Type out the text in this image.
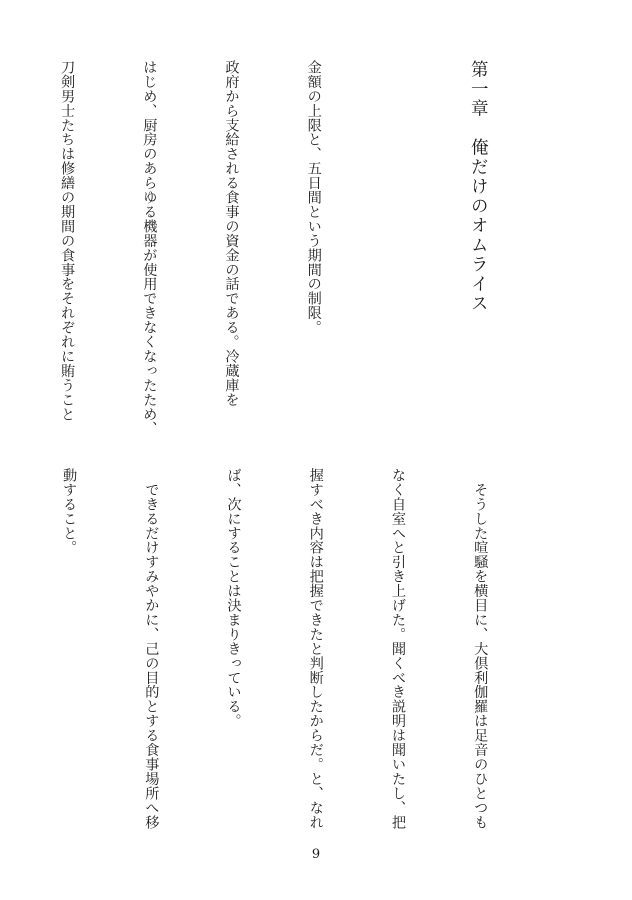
第一章　俺だけのオムライス

金額の上限と、五日間という期間の制限。

政府から支給される食事の資金の話である。冷蔵庫を

はじめ、厨房のあらゆる機器が使用できなくなったため、

刀剣男士たちは修繕の期間の食事をそれぞれに賄うこと

　そうした喧騒を横目に、大倶利伽羅は足音のひとつも

なく自室へと引き上げた。聞くべき説明は聞いたし、把

握すべき内容は把握できたと判断したからだ。と、なれ

ば、次にすることは決まりきっている。

　できるだけすみやかに、己の目的とする食事場所へ移

動すること。

9
